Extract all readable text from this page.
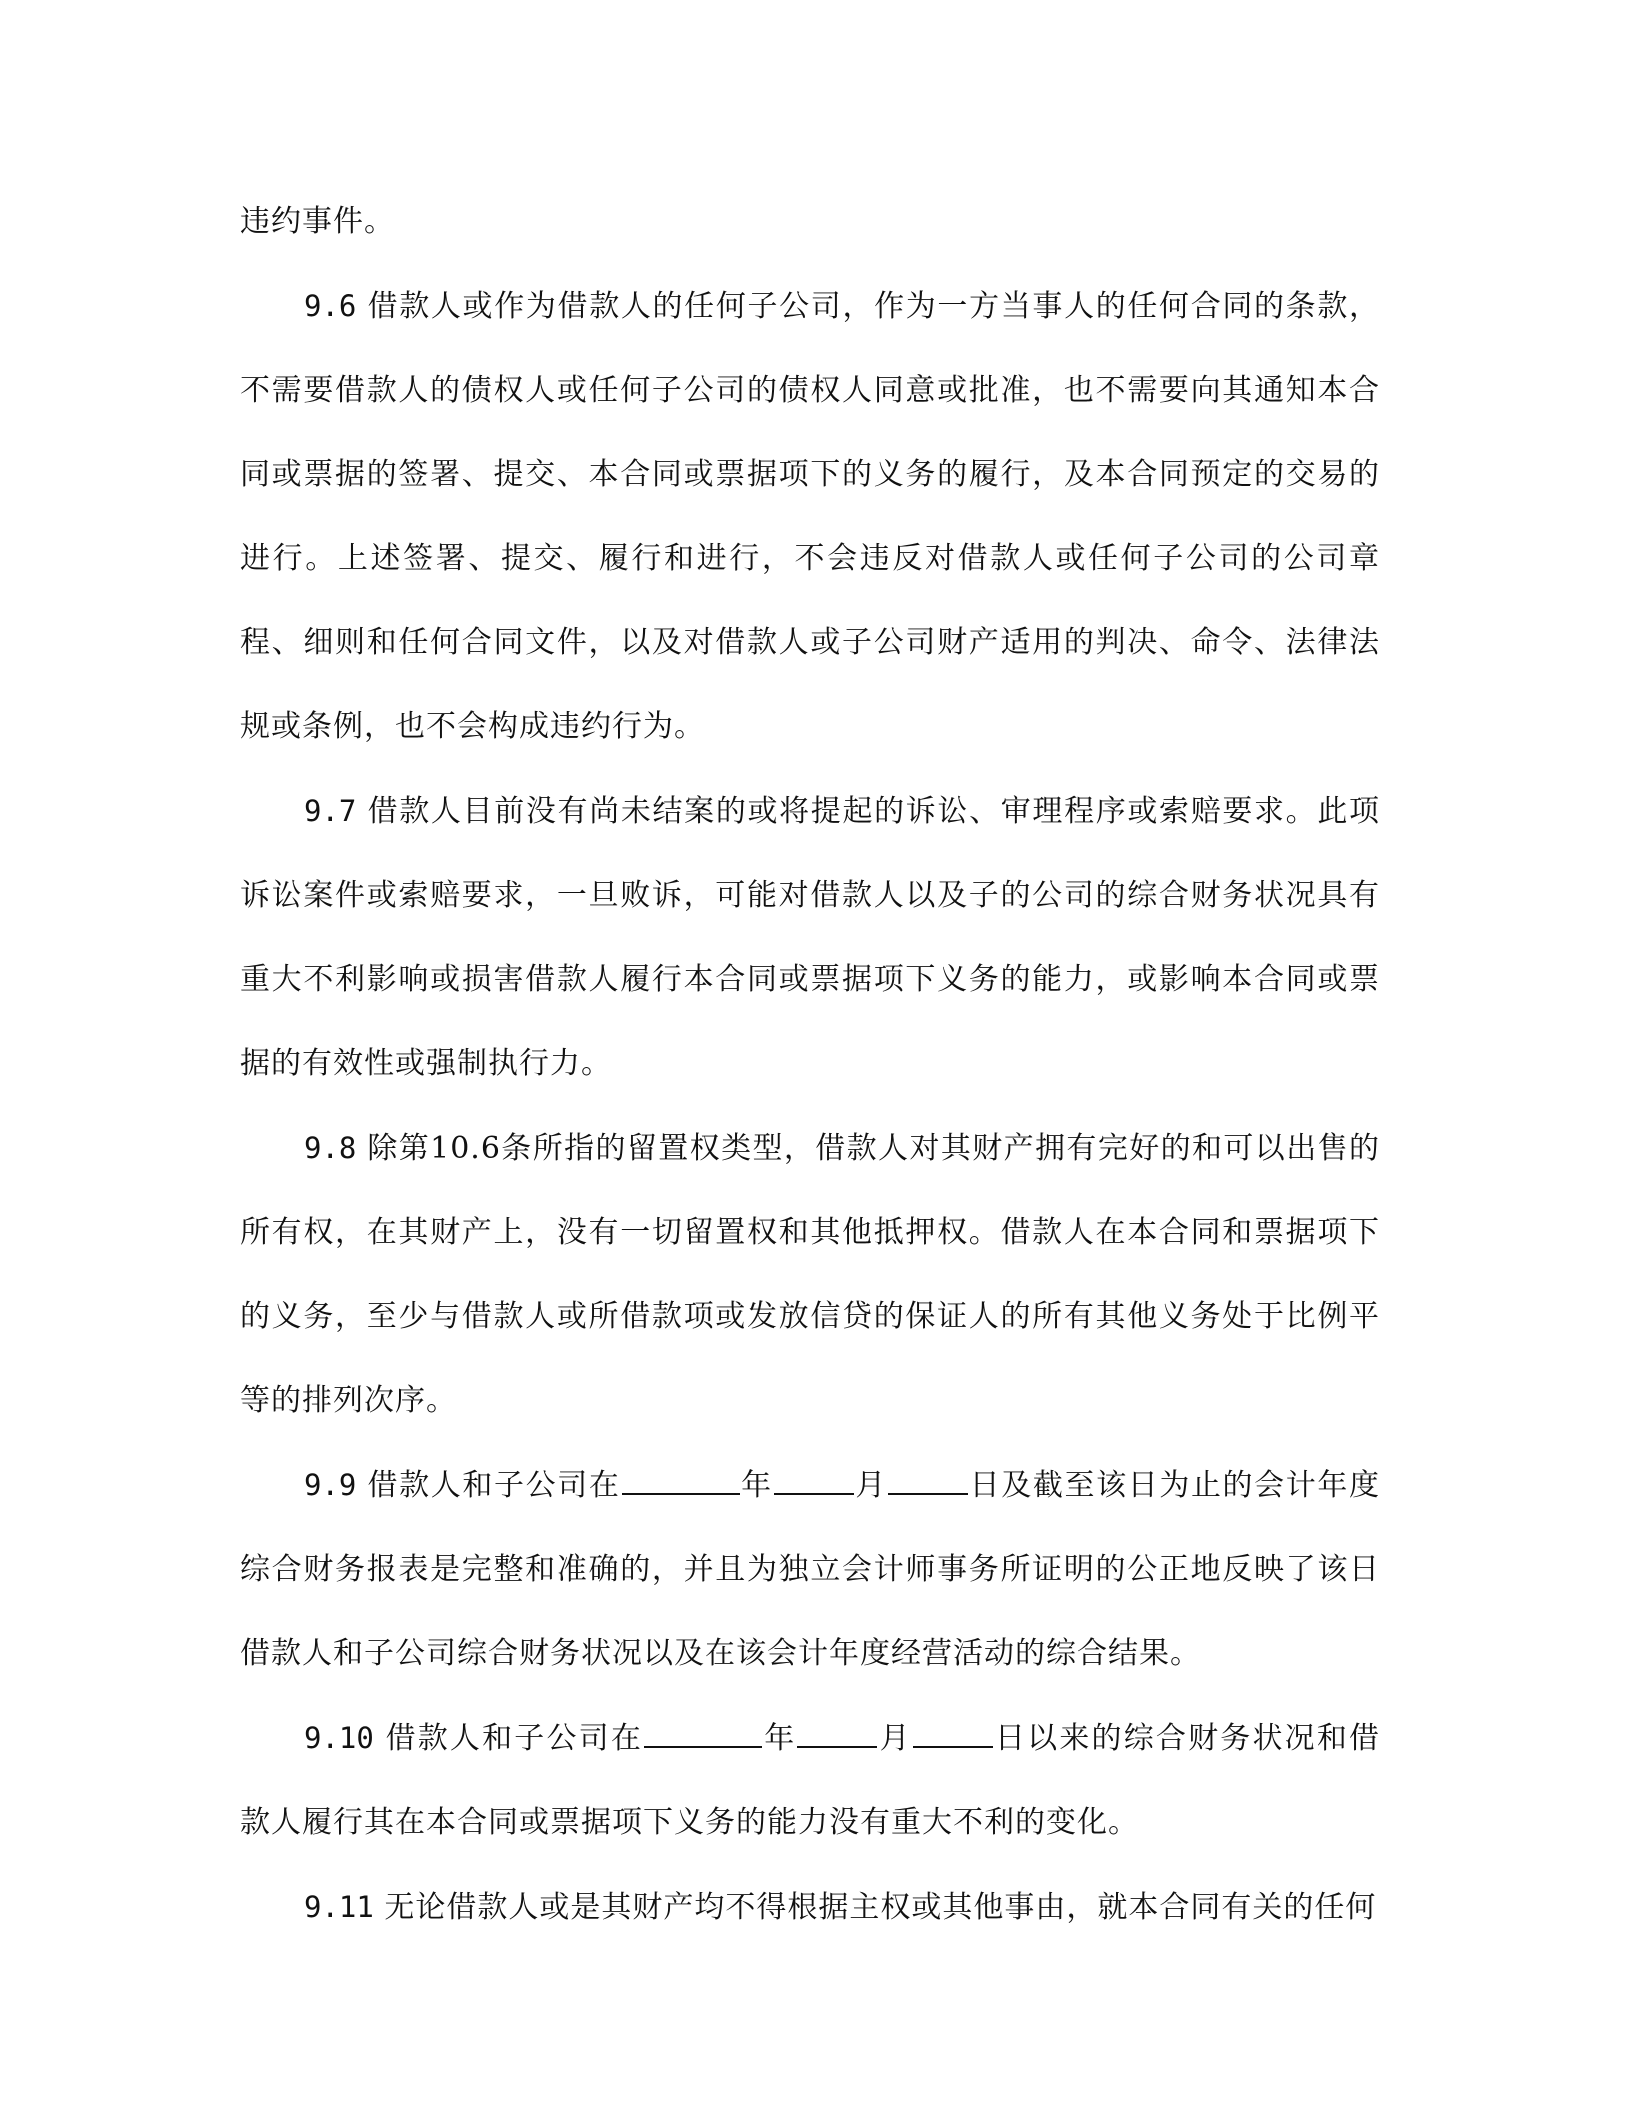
违约事件。

9.6 借款人或作为借款人的任何子公司，作为一方当事人的任何合同的条款，不需要借款人的债权人或任何子公司的债权人同意或批准，也不需要向其通知本合同或票据的签署、提交、本合同或票据项下的义务的履行，及本合同预定的交易的进行。上述签署、提交、履行和进行，不会违反对借款人或任何子公司的公司章程、细则和任何合同文件，以及对借款人或子公司财产适用的判决、命令、法律法规或条例，也不会构成违约行为。

9.7 借款人目前没有尚未结案的或将提起的诉讼、审理程序或索赔要求。此项诉讼案件或索赔要求，一旦败诉，可能对借款人以及子的公司的综合财务状况具有重大不利影响或损害借款人履行本合同或票据项下义务的能力，或影响本合同或票据的有效性或强制执行力。

9.8 除第10.6条所指的留置权类型，借款人对其财产拥有完好的和可以出售的所有权，在其财产上，没有一切留置权和其他抵押权。借款人在本合同和票据项下的义务，至少与借款人或所借款项或发放信贷的保证人的所有其他义务处于比例平等的排列次序。

9.9 借款人和子公司在	年	月	日及截至该日为止的会计年度综合财务报表是完整和准确的，并且为独立会计师事务所证明的公正地反映了该日借款人和子公司综合财务状况以及在该会计年度经营活动的综合结果。

9.10 借款人和子公司在	年	月	日以来的综合财务状况和借款人履行其在本合同或票据项下义务的能力没有重大不利的变化。

9.11 无论借款人或是其财产均不得根据主权或其他事由，就本合同有关的任何
